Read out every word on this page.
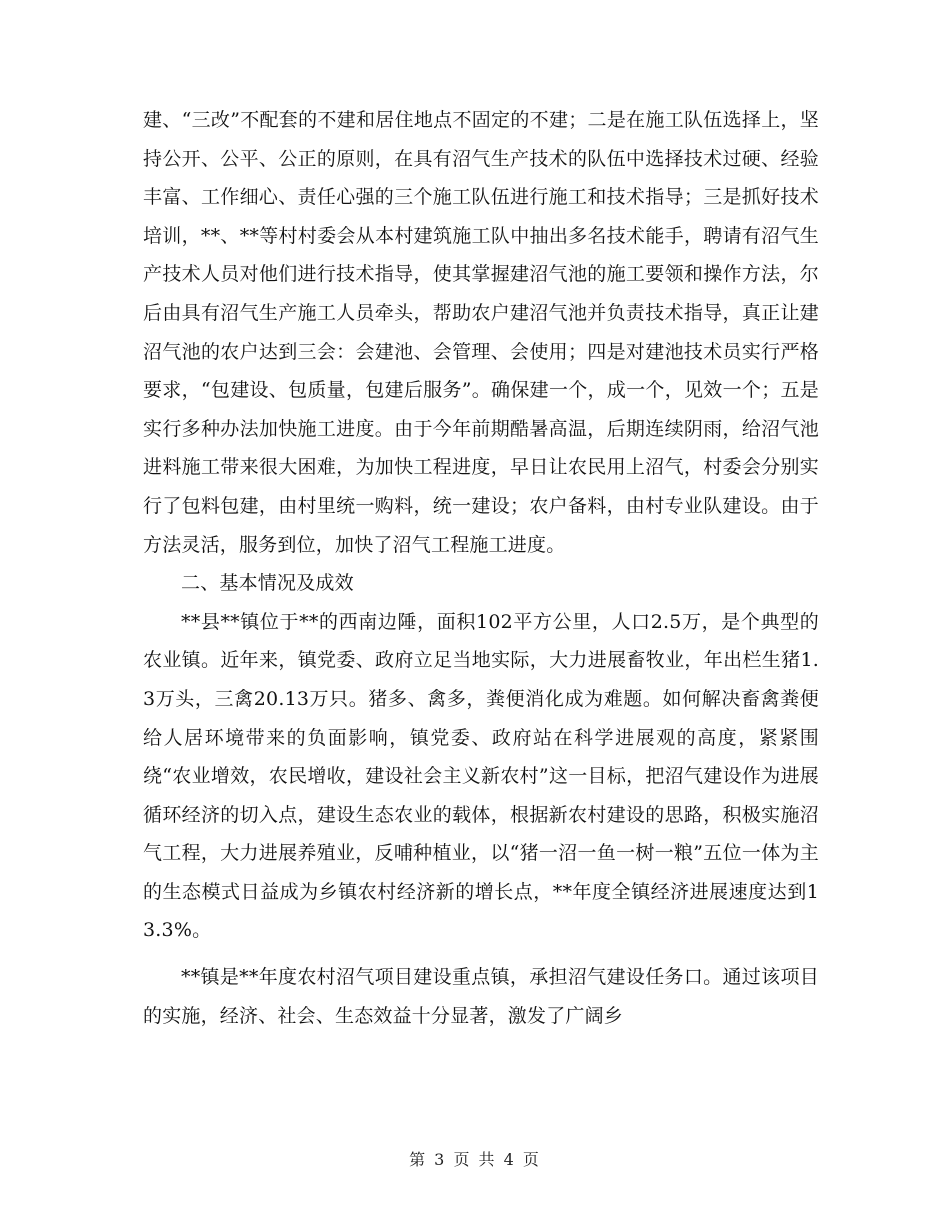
建、“三改”不配套的不建和居住地点不固定的不建；二是在施工队伍选择上，坚持公开、公平、公正的原则，在具有沼气生产技术的队伍中选择技术过硬、经验丰富、工作细心、责任心强的三个施工队伍进行施工和技术指导；三是抓好技术培训，**、**等村村委会从本村建筑施工队中抽出多名技术能手，聘请有沼气生产技术人员对他们进行技术指导，使其掌握建沼气池的施工要领和操作方法，尔后由具有沼气生产施工人员牵头，帮助农户建沼气池并负责技术指导，真正让建沼气池的农户达到三会：会建池、会管理、会使用；四是对建池技术员实行严格要求，“包建设、包质量，包建后服务”。确保建一个，成一个，见效一个；五是实行多种办法加快施工进度。由于今年前期酷暑高温，后期连续阴雨，给沼气池进料施工带来很大困难，为加快工程进度，早日让农民用上沼气，村委会分别实行了包料包建，由村里统一购料，统一建设；农户备料，由村专业队建设。由于方法灵活，服务到位，加快了沼气工程施工进度。

二、基本情况及成效

**县**镇位于**的西南边陲，面积102平方公里，人口2.5万，是个典型的农业镇。近年来，镇党委、政府立足当地实际，大力进展畜牧业，年出栏生猪1.3万头，三禽20.13万只。猪多、禽多，粪便消化成为难题。如何解决畜禽粪便给人居环境带来的负面影响，镇党委、政府站在科学进展观的高度，紧紧围绕“农业增效，农民增收，建设社会主义新农村”这一目标，把沼气建设作为进展循环经济的切入点，建设生态农业的载体，根据新农村建设的思路，积极实施沼气工程，大力进展养殖业，反哺种植业，以“猪一沼一鱼一树一粮”五位一体为主的生态模式日益成为乡镇农村经济新的增长点，**年度全镇经济进展速度达到13.3%。

**镇是**年度农村沼气项目建设重点镇，承担沼气建设任务口。通过该项目的实施，经济、社会、生态效益十分显著，激发了广阔乡

第 3 页 共 4 页
